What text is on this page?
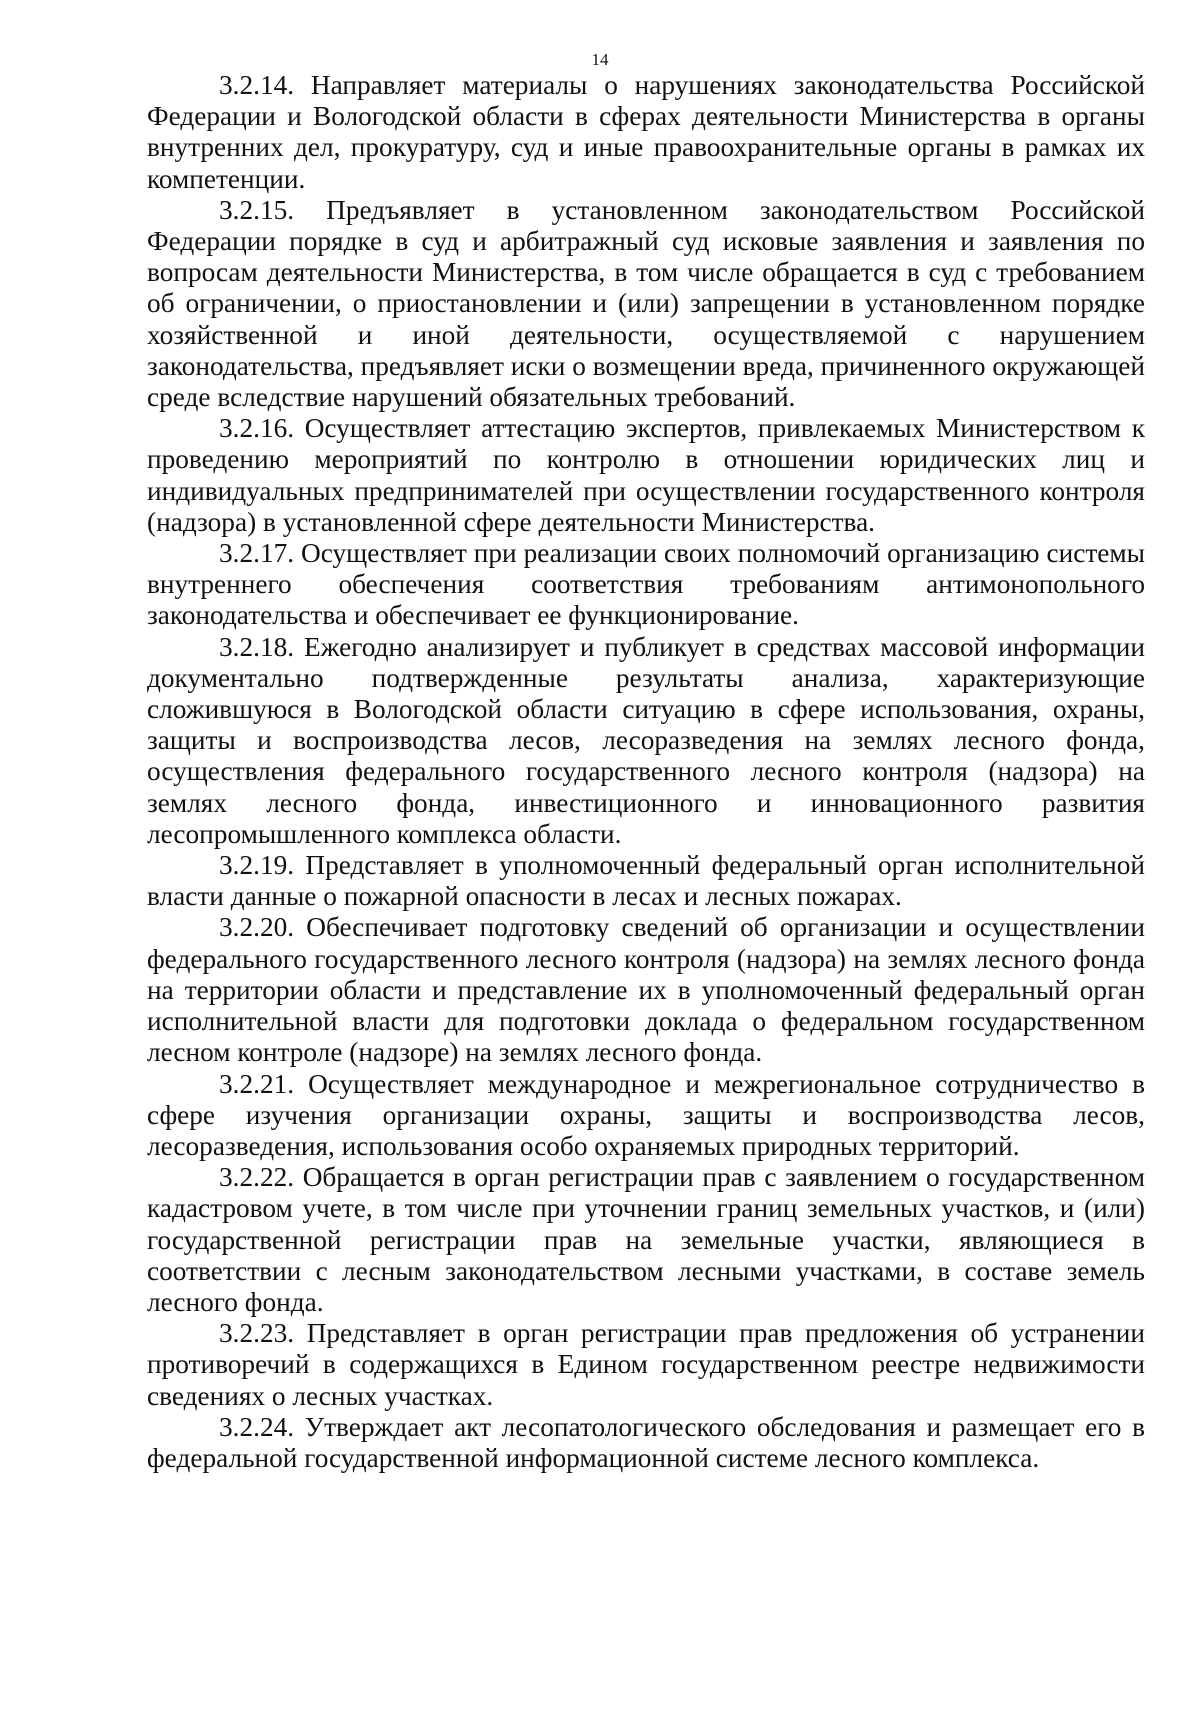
14

3.2.14. Направляет материалы о нарушениях законодательства Российской Федерации и Вологодской области в сферах деятельности Министерства в органы внутренних дел, прокуратуру, суд и иные правоохранительные органы в рамках их компетенции.

3.2.15. Предъявляет в установленном законодательством Российской Федерации порядке в суд и арбитражный суд исковые заявления и заявления по вопросам деятельности Министерства, в том числе обращается в суд с требованием об ограничении, о приостановлении и (или) запрещении в установленном порядке хозяйственной и иной деятельности, осуществляемой с нарушением законодательства, предъявляет иски о возмещении вреда, причиненного окружающей среде вследствие нарушений обязательных требований.

3.2.16. Осуществляет аттестацию экспертов, привлекаемых Министерством к проведению мероприятий по контролю в отношении юридических лиц и индивидуальных предпринимателей при осуществлении государственного контроля (надзора) в установленной сфере деятельности Министерства.

3.2.17. Осуществляет при реализации своих полномочий организацию системы внутреннего обеспечения соответствия требованиям антимонопольного законодательства и обеспечивает ее функционирование.

3.2.18. Ежегодно анализирует и публикует в средствах массовой информации документально подтвержденные результаты анализа, характеризующие сложившуюся в Вологодской области ситуацию в сфере использования, охраны, защиты и воспроизводства лесов, лесоразведения на землях лесного фонда, осуществления федерального государственного лесного контроля (надзора) на землях лесного фонда, инвестиционного и инновационного развития лесопромышленного комплекса области.

3.2.19. Представляет в уполномоченный федеральный орган исполнительной власти данные о пожарной опасности в лесах и лесных пожарах.

3.2.20. Обеспечивает подготовку сведений об организации и осуществлении федерального государственного лесного контроля (надзора) на землях лесного фонда на территории области и представление их в уполномоченный федеральный орган исполнительной власти для подготовки доклада о федеральном государственном лесном контроле (надзоре) на землях лесного фонда.

3.2.21. Осуществляет международное и межрегиональное сотрудничество в сфере изучения организации охраны, защиты и воспроизводства лесов, лесоразведения, использования особо охраняемых природных территорий.

3.2.22. Обращается в орган регистрации прав с заявлением о государственном кадастровом учете, в том числе при уточнении границ земельных участков, и (или) государственной регистрации прав на земельные участки, являющиеся в соответствии с лесным законодательством лесными участками, в составе земель лесного фонда.

3.2.23. Представляет в орган регистрации прав предложения об устранении противоречий в содержащихся в Едином государственном реестре недвижимости сведениях о лесных участках.

3.2.24. Утверждает акт лесопатологического обследования и размещает его в федеральной государственной информационной системе лесного комплекса.
